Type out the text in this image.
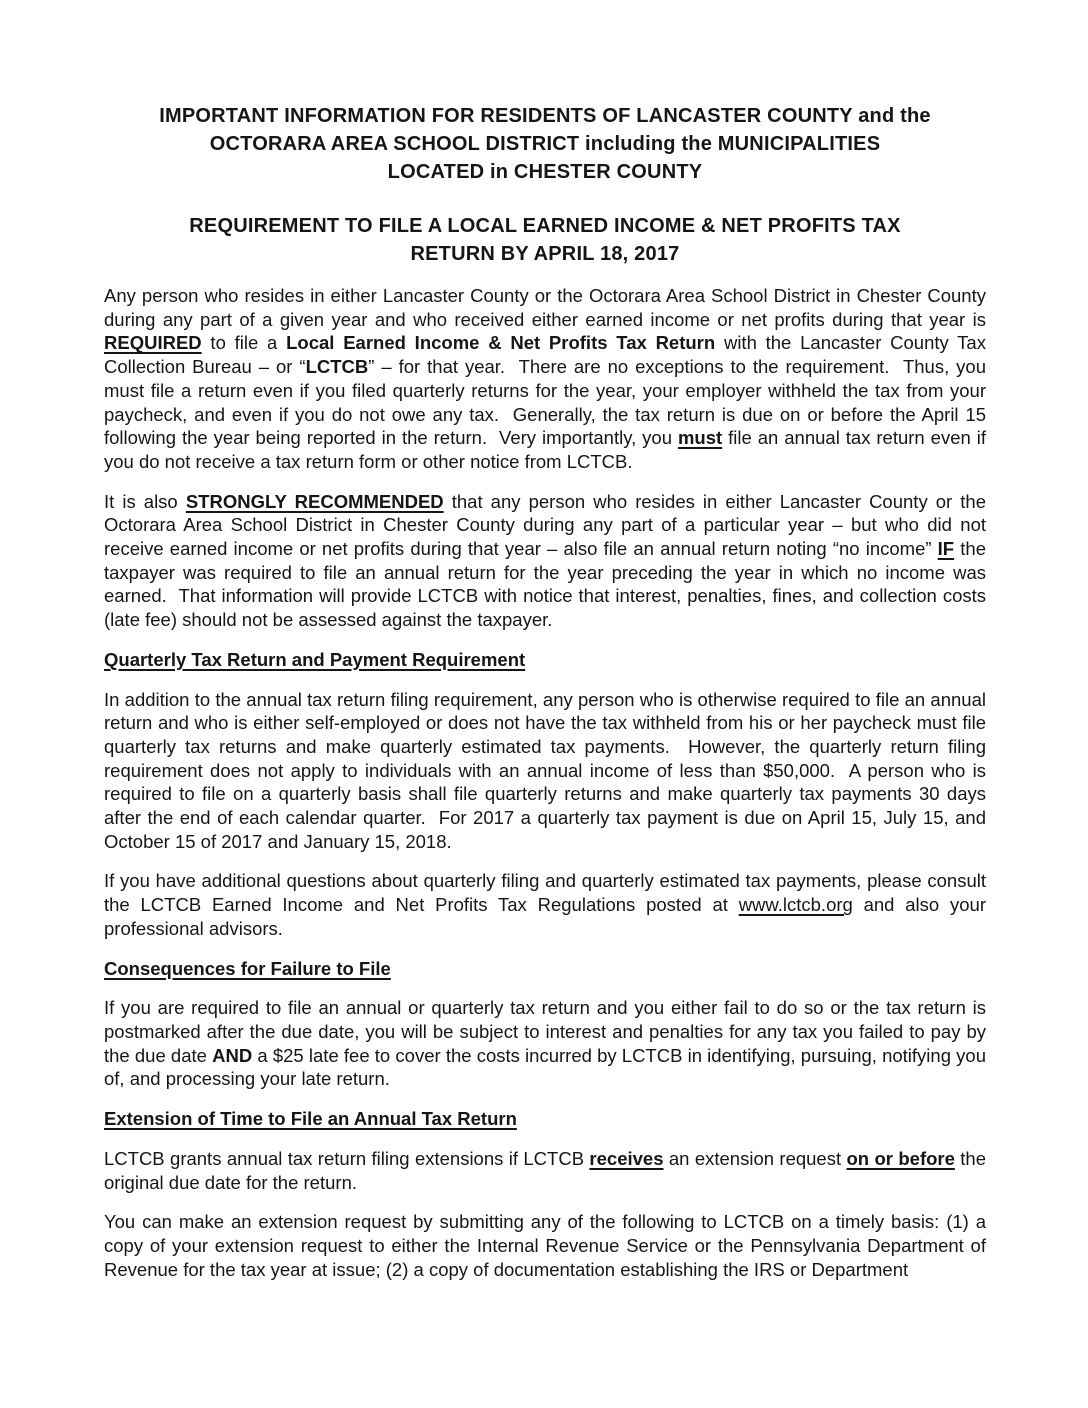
IMPORTANT INFORMATION FOR RESIDENTS OF LANCASTER COUNTY and the
OCTORARA AREA SCHOOL DISTRICT including the MUNICIPALITIES
LOCATED in CHESTER COUNTY
REQUIREMENT TO FILE A LOCAL EARNED INCOME & NET PROFITS TAX
RETURN BY APRIL 18, 2017

Any person who resides in either Lancaster County or the Octorara Area School District in Chester County during any part of a given year and who received either earned income or net profits during that year is REQUIRED to file a Local Earned Income & Net Profits Tax Return with the Lancaster County Tax Collection Bureau – or “LCTCB” – for that year.  There are no exceptions to the requirement.  Thus, you must file a return even if you filed quarterly returns for the year, your employer withheld the tax from your paycheck, and even if you do not owe any tax.  Generally, the tax return is due on or before the April 15 following the year being reported in the return.  Very importantly, you must file an annual tax return even if you do not receive a tax return form or other notice from LCTCB.

It is also STRONGLY RECOMMENDED that any person who resides in either Lancaster County or the Octorara Area School District in Chester County during any part of a particular year – but who did not receive earned income or net profits during that year – also file an annual return noting “no income” IF the taxpayer was required to file an annual return for the year preceding the year in which no income was earned.  That information will provide LCTCB with notice that interest, penalties, fines, and collection costs (late fee) should not be assessed against the taxpayer.

Quarterly Tax Return and Payment Requirement

In addition to the annual tax return filing requirement, any person who is otherwise required to file an annual return and who is either self-employed or does not have the tax withheld from his or her paycheck must file quarterly tax returns and make quarterly estimated tax payments.  However, the quarterly return filing requirement does not apply to individuals with an annual income of less than $50,000.  A person who is required to file on a quarterly basis shall file quarterly returns and make quarterly tax payments 30 days after the end of each calendar quarter.  For 2017 a quarterly tax payment is due on April 15, July 15, and October 15 of 2017 and January 15, 2018.

If you have additional questions about quarterly filing and quarterly estimated tax payments, please consult the LCTCB Earned Income and Net Profits Tax Regulations posted at www.lctcb.org and also your professional advisors.

Consequences for Failure to File

If you are required to file an annual or quarterly tax return and you either fail to do so or the tax return is postmarked after the due date, you will be subject to interest and penalties for any tax you failed to pay by the due date AND a $25 late fee to cover the costs incurred by LCTCB in identifying, pursuing, notifying you of, and processing your late return.

Extension of Time to File an Annual Tax Return

LCTCB grants annual tax return filing extensions if LCTCB receives an extension request on or before the original due date for the return.

You can make an extension request by submitting any of the following to LCTCB on a timely basis: (1) a copy of your extension request to either the Internal Revenue Service or the Pennsylvania Department of Revenue for the tax year at issue; (2) a copy of documentation establishing the IRS or Department
